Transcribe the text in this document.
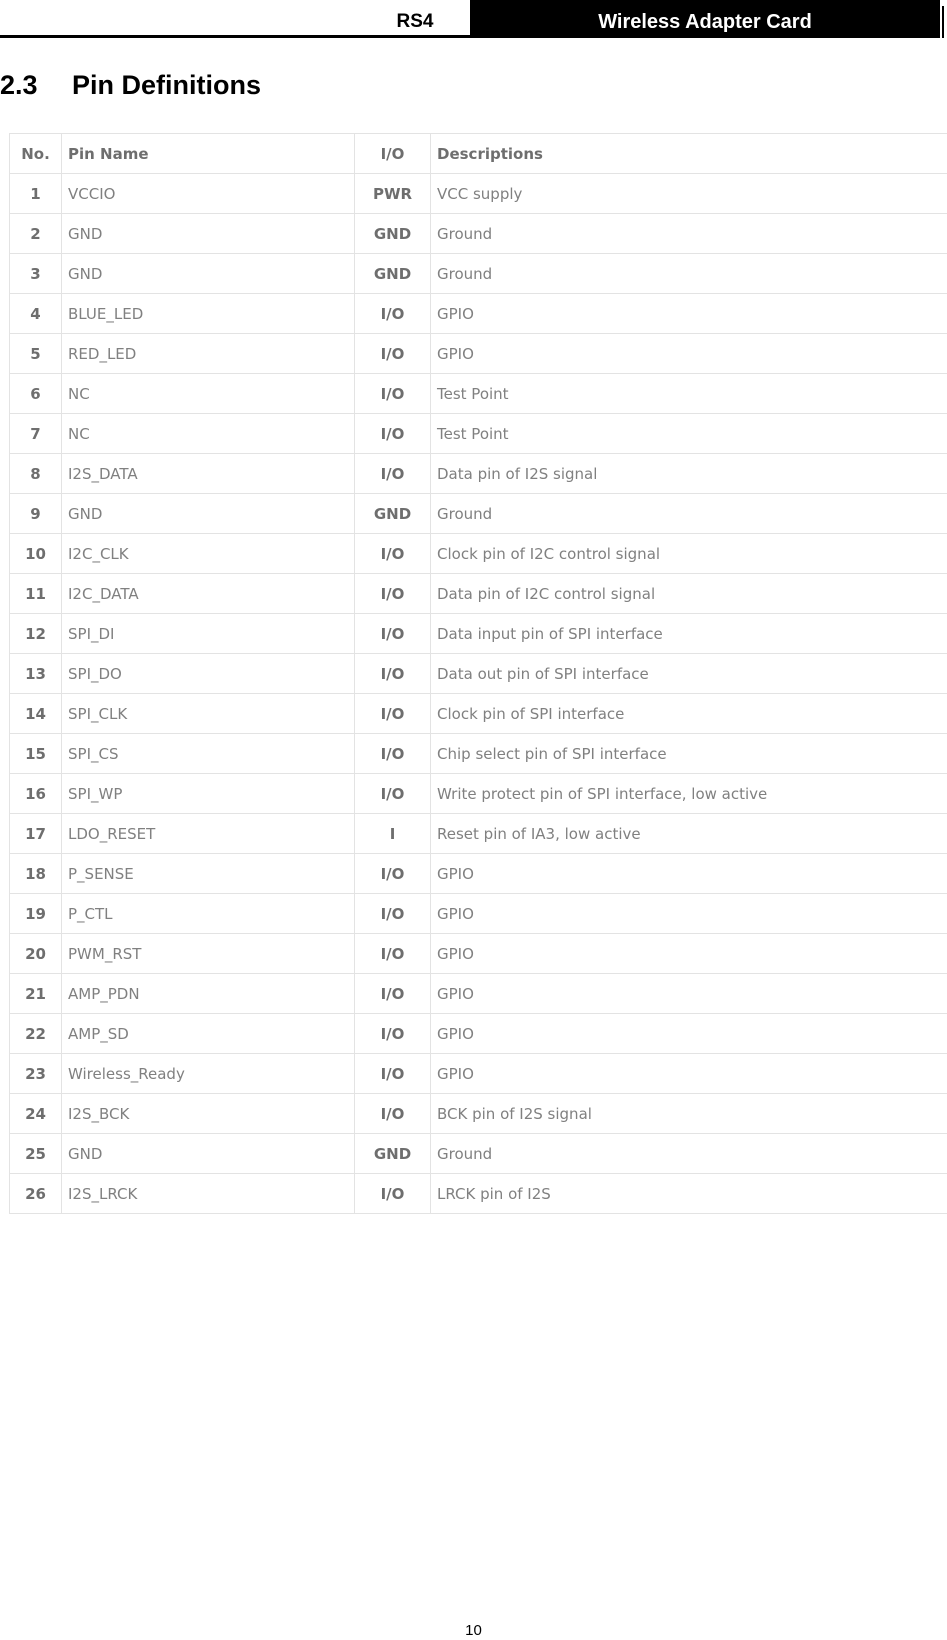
RS4	Wireless Adapter Card
2.3 Pin Definitions
No.	Pin Name	I/O	Descriptions
1	VCCIO	PWR	VCC supply
2	GND	GND	Ground
3	GND	GND	Ground
4	BLUE_LED	I/O	GPIO
5	RED_LED	I/O	GPIO
6	NC	I/O	Test Point
7	NC	I/O	Test Point
8	I2S_DATA	I/O	Data pin of I2S signal
9	GND	GND	Ground
10	I2C_CLK	I/O	Clock pin of I2C control signal
11	I2C_DATA	I/O	Data pin of I2C control signal
12	SPI_DI	I/O	Data input pin of SPI interface
13	SPI_DO	I/O	Data out pin of SPI interface
14	SPI_CLK	I/O	Clock pin of SPI interface
15	SPI_CS	I/O	Chip select pin of SPI interface
16	SPI_WP	I/O	Write protect pin of SPI interface, low active
17	LDO_RESET	I	Reset pin of IA3, low active
18	P_SENSE	I/O	GPIO
19	P_CTL	I/O	GPIO
20	PWM_RST	I/O	GPIO
21	AMP_PDN	I/O	GPIO
22	AMP_SD	I/O	GPIO
23	Wireless_Ready	I/O	GPIO
24	I2S_BCK	I/O	BCK pin of I2S signal
25	GND	GND	Ground
26	I2S_LRCK	I/O	LRCK pin of I2S
10
